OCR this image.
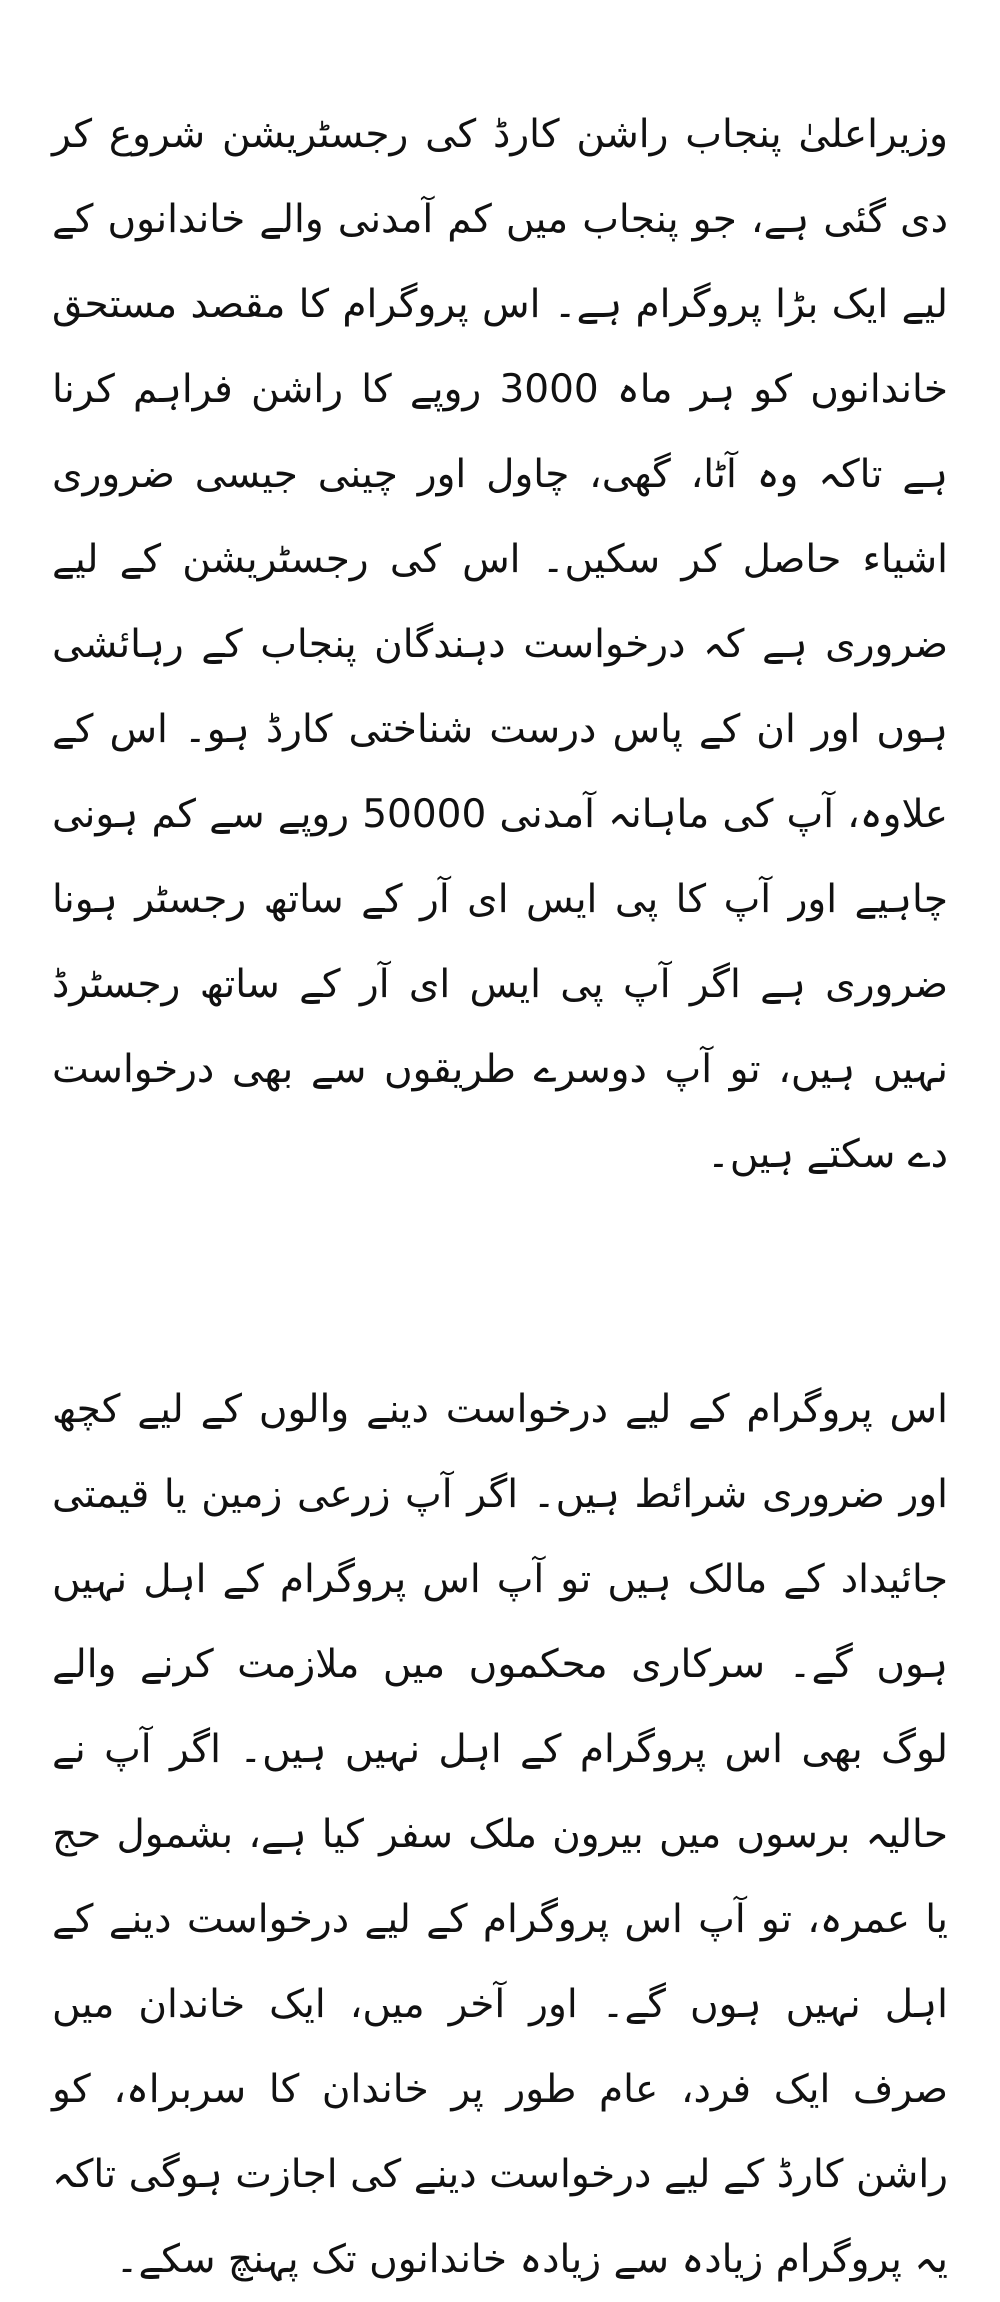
وزیراعلیٰ پنجاب راشن کارڈ کی رجسٹریشن شروع کر دی گئی ہے، جو پنجاب میں کم آمدنی والے خاندانوں کے لیے ایک بڑا پروگرام ہے۔ اس پروگرام کا مقصد مستحق خاندانوں کو ہر ماہ 3000 روپے کا راشن فراہم کرنا ہے تاکہ وہ آٹا، گھی، چاول اور چینی جیسی ضروری اشیاء حاصل کر سکیں۔ اس کی رجسٹریشن کے لیے ضروری ہے کہ درخواست دہندگان پنجاب کے رہائشی ہوں اور ان کے پاس درست شناختی کارڈ ہو۔ اس کے علاوہ، آپ کی ماہانہ آمدنی 50000 روپے سے کم ہونی چاہیے اور آپ کا پی ایس ای آر کے ساتھ رجسٹر ہونا ضروری ہے اگر آپ پی ایس ای آر کے ساتھ رجسٹرڈ نہیں ہیں، تو آپ دوسرے طریقوں سے بھی درخواست دے سکتے ہیں۔

اس پروگرام کے لیے درخواست دینے والوں کے لیے کچھ اور ضروری شرائط ہیں۔ اگر آپ زرعی زمین یا قیمتی جائیداد کے مالک ہیں تو آپ اس پروگرام کے اہل نہیں ہوں گے۔ سرکاری محکموں میں ملازمت کرنے والے لوگ بھی اس پروگرام کے اہل نہیں ہیں۔ اگر آپ نے حالیہ برسوں میں بیرون ملک سفر کیا ہے، بشمول حج یا عمرہ، تو آپ اس پروگرام کے لیے درخواست دینے کے اہل نہیں ہوں گے۔ اور آخر میں، ایک خاندان میں صرف ایک فرد، عام طور پر خاندان کا سربراہ، کو راشن کارڈ کے لیے درخواست دینے کی اجازت ہوگی تاکہ یہ پروگرام زیادہ سے زیادہ خاندانوں تک پہنچ سکے۔
